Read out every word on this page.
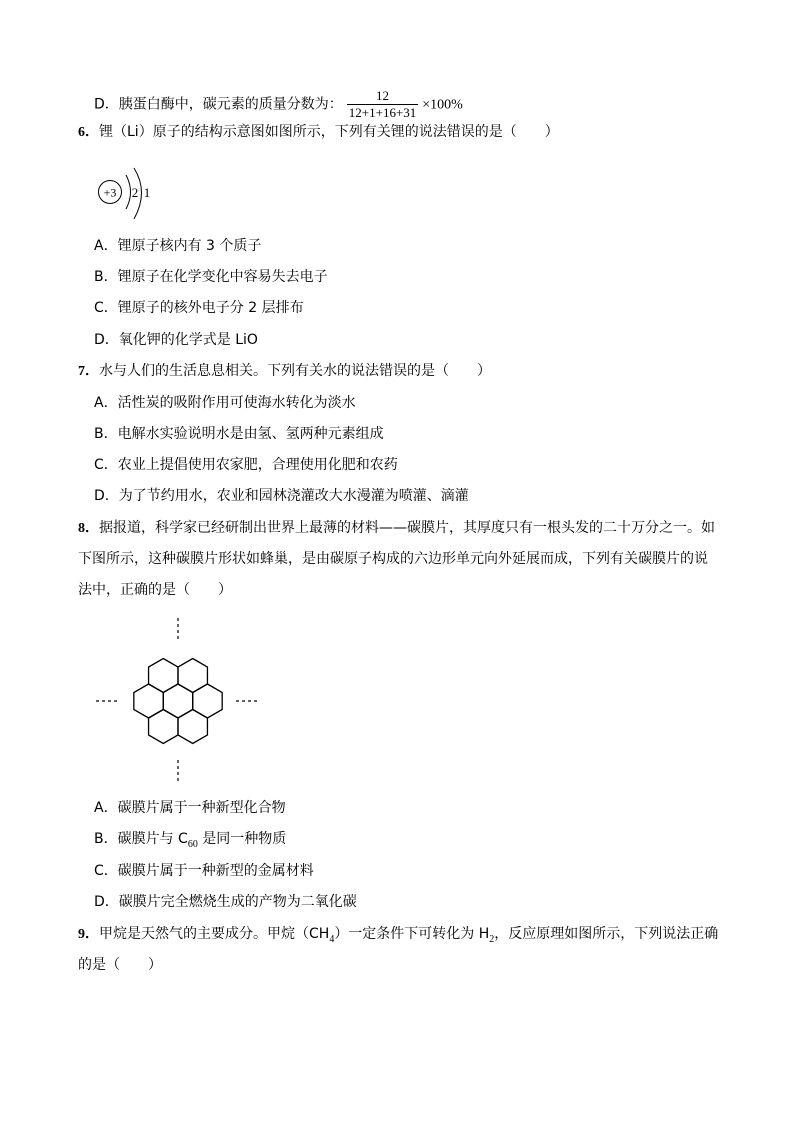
D．胰蛋白酶中，碳元素的质量分数为： $\frac{12}{12+1+16+31} \times 100\%$
6．锂（Li）原子的结构示意图如图所示，下列有关锂的说法错误的是（　　）
+3 2 1
A．锂原子核内有 3 个质子
B．锂原子在化学变化中容易失去电子
C．锂原子的核外电子分 2 层排布
D．氧化钾的化学式是 LiO
7．水与人们的生活息息相关。下列有关水的说法错误的是（　　）
A．活性炭的吸附作用可使海水转化为淡水
B．电解水实验说明水是由氢、氢两种元素组成
C．农业上提倡使用农家肥，合理使用化肥和农药
D．为了节约用水，农业和园林浇灌改大水漫灌为喷灌、滴灌
8．据报道，科学家已经研制出世界上最薄的材料——碳膜片，其厚度只有一根头发的二十万分之一。如
下图所示，这种碳膜片形状如蜂巢，是由碳原子构成的六边形单元向外延展而成，下列有关碳膜片的说
法中，正确的是（　　）
A．碳膜片属于一种新型化合物
B．碳膜片与 $C_{60}$ 是同一种物质
C．碳膜片属于一种新型的金属材料
D．碳膜片完全燃烧生成的产物为二氧化碳
9．甲烷是天然气的主要成分。甲烷$(CH_4)$一定条件下可转化为 $H_2$，反应原理如图所示，下列说法正确
的是（　　）
